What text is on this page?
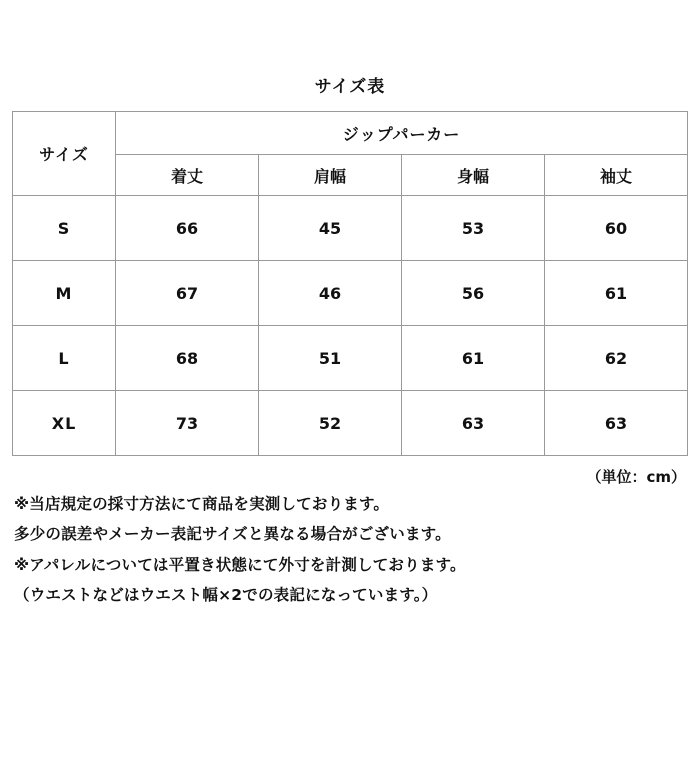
サイズ表
サイズ	ジップパーカー			
	着丈	肩幅	身幅	袖丈
S	66	45	53	60
M	67	46	56	61
L	68	51	61	62
XL	73	52	63	63
（単位：cm）

※当店規定の採寸方法にて商品を実測しております。

多少の誤差やメーカー表記サイズと異なる場合がございます。

※アパレルについては平置き状態にて外寸を計測しております。

（ウエストなどはウエスト幅×2での表記になっています。）
